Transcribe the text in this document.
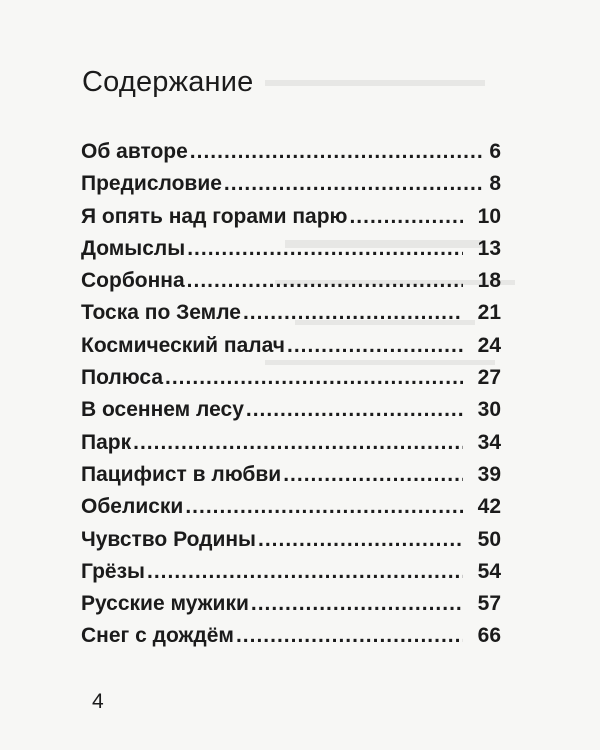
Содержание
Об авторе .....	6
Предисловие .....	8
Я опять над горами парю .....	10
Домыслы .....	13
Сорбонна .....	18
Тоска по Земле .....	21
Космический палач .....	24
Полюса .....	27
В осеннем лесу .....	30
Парк .....	34
Пацифист в любви .....	39
Обелиски .....	42
Чувство Родины .....	50
Грёзы .....	54
Русские мужики .....	57
Снег с дождём .....	66
4
